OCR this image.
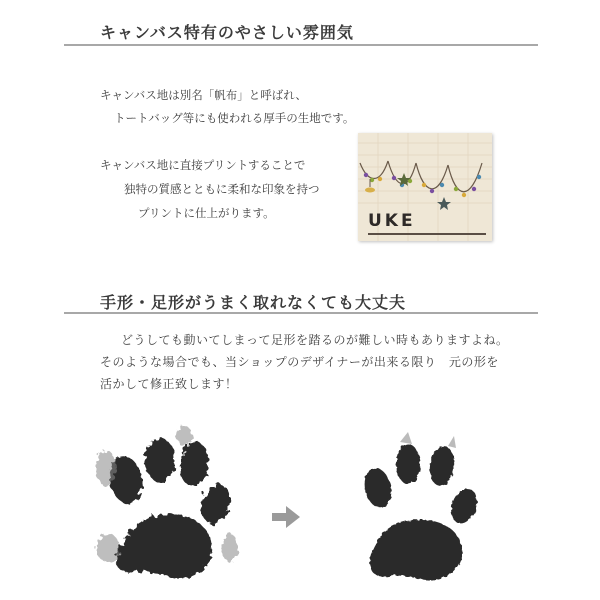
キャンバス特有のやさしい雰囲気
キャンバス地は別名「帆布」と呼ばれ、
トートバッグ等にも使われる厚手の生地です。
キャンバス地に直接プリントすることで
独特の質感とともに柔和な印象を持つ
プリントに仕上がります。	UKE
手形・足形がうまく取れなくても大丈夫
どうしても動いてしまって足形を踏るのが難しい時もありますよね。
そのような場合でも、当ショップのデザイナーが出来る限り　元の形を
活かして修正致します！
